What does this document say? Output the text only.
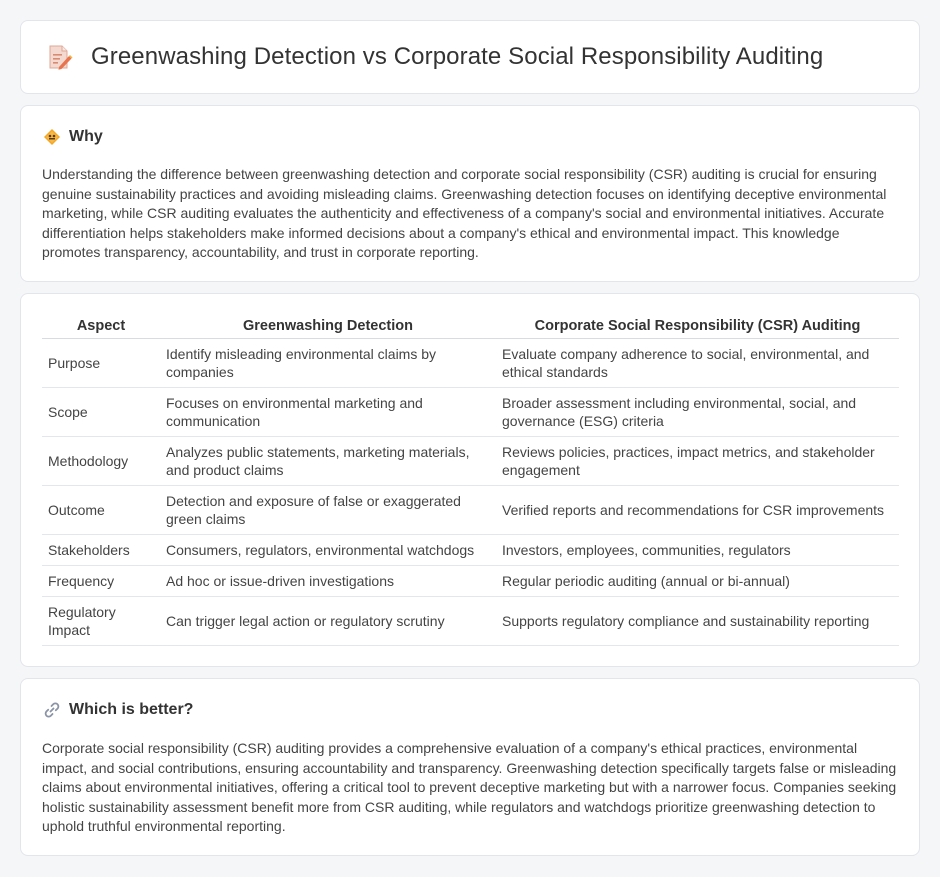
Greenwashing Detection vs Corporate Social Responsibility Auditing
Why

Understanding the difference between greenwashing detection and corporate social responsibility (CSR) auditing is crucial for ensuring genuine sustainability practices and avoiding misleading claims. Greenwashing detection focuses on identifying deceptive environmental marketing, while CSR auditing evaluates the authenticity and effectiveness of a company's social and environmental initiatives. Accurate differentiation helps stakeholders make informed decisions about a company's ethical and environmental impact. This knowledge promotes transparency, accountability, and trust in corporate reporting.

Aspect	Greenwashing Detection	Corporate Social Responsibility (CSR) Auditing
Purpose	Identify misleading environmental claims by companies	Evaluate company adherence to social, environmental, and ethical standards
Scope	Focuses on environmental marketing and communication	Broader assessment including environmental, social, and governance (ESG) criteria
Methodology	Analyzes public statements, marketing materials, and product claims	Reviews policies, practices, impact metrics, and stakeholder engagement
Outcome	Detection and exposure of false or exaggerated green claims	Verified reports and recommendations for CSR improvements
Stakeholders	Consumers, regulators, environmental watchdogs	Investors, employees, communities, regulators
Frequency	Ad hoc or issue-driven investigations	Regular periodic auditing (annual or bi-annual)
Regulatory Impact	Can trigger legal action or regulatory scrutiny	Supports regulatory compliance and sustainability reporting
Which is better?

Corporate social responsibility (CSR) auditing provides a comprehensive evaluation of a company's ethical practices, environmental impact, and social contributions, ensuring accountability and transparency. Greenwashing detection specifically targets false or misleading claims about environmental initiatives, offering a critical tool to prevent deceptive marketing but with a narrower focus. Companies seeking holistic sustainability assessment benefit more from CSR auditing, while regulators and watchdogs prioritize greenwashing detection to uphold truthful environmental reporting.
